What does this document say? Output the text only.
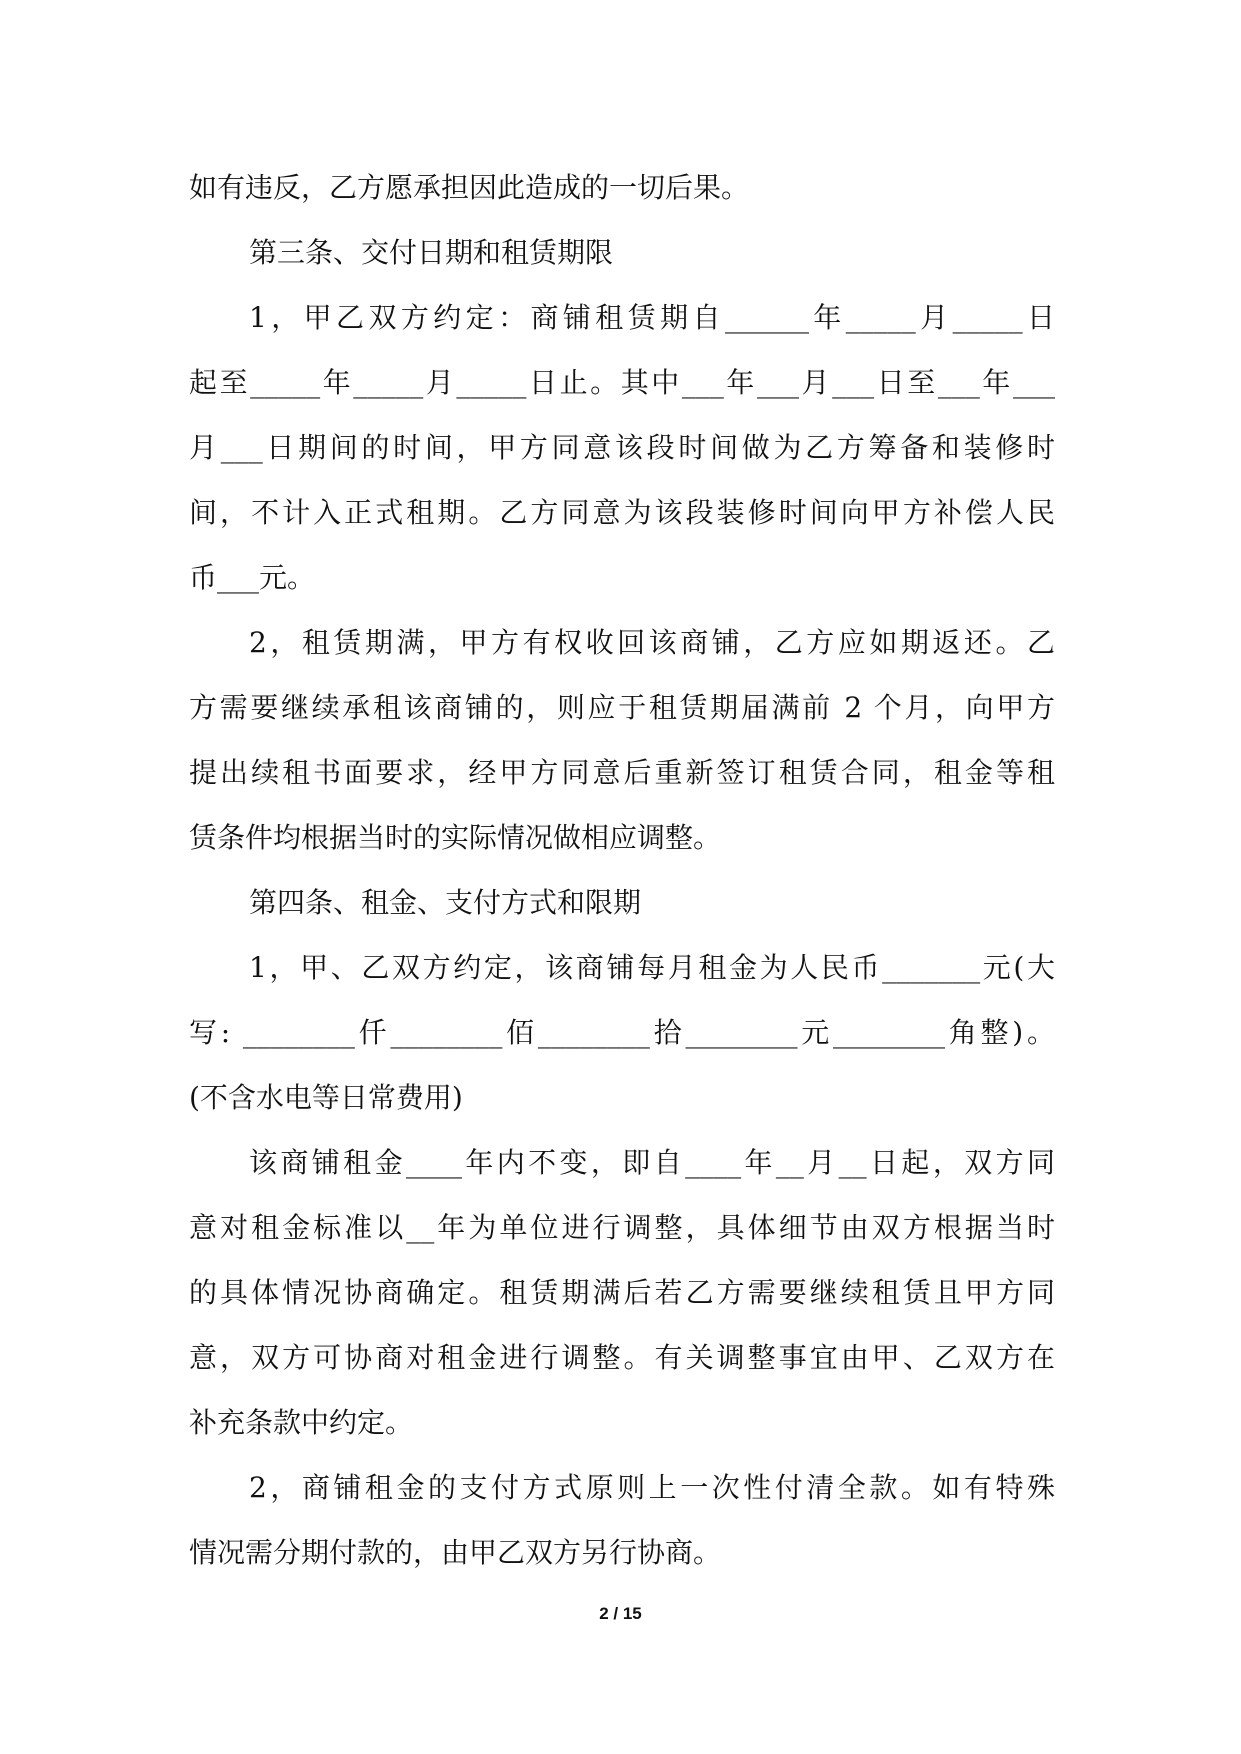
如有违反，乙方愿承担因此造成的一切后果。
第三条、交付日期和租赁期限
1，甲乙双方约定：商铺租赁期自______年_____月_____日
起至_____年_____月_____日止。其中___年___月___日至___年___
月___日期间的时间，甲方同意该段时间做为乙方筹备和装修时
间，不计入正式租期。乙方同意为该段装修时间向甲方补偿人民
币___元。
2，租赁期满，甲方有权收回该商铺，乙方应如期返还。乙
方需要继续承租该商铺的，则应于租赁期届满前 2 个月，向甲方
提出续租书面要求，经甲方同意后重新签订租赁合同，租金等租
赁条件均根据当时的实际情况做相应调整。
第四条、租金、支付方式和限期
1，甲、乙双方约定，该商铺每月租金为人民币_______元(大
写: ________仟________佰________拾________元________角整)。
(不含水电等日常费用)
该商铺租金____年内不变，即自____年__月__日起，双方同
意对租金标准以__年为单位进行调整，具体细节由双方根据当时
的具体情况协商确定。租赁期满后若乙方需要继续租赁且甲方同
意，双方可协商对租金进行调整。有关调整事宜由甲、乙双方在
补充条款中约定。
2，商铺租金的支付方式原则上一次性付清全款。如有特殊
情况需分期付款的，由甲乙双方另行协商。
2 / 15
